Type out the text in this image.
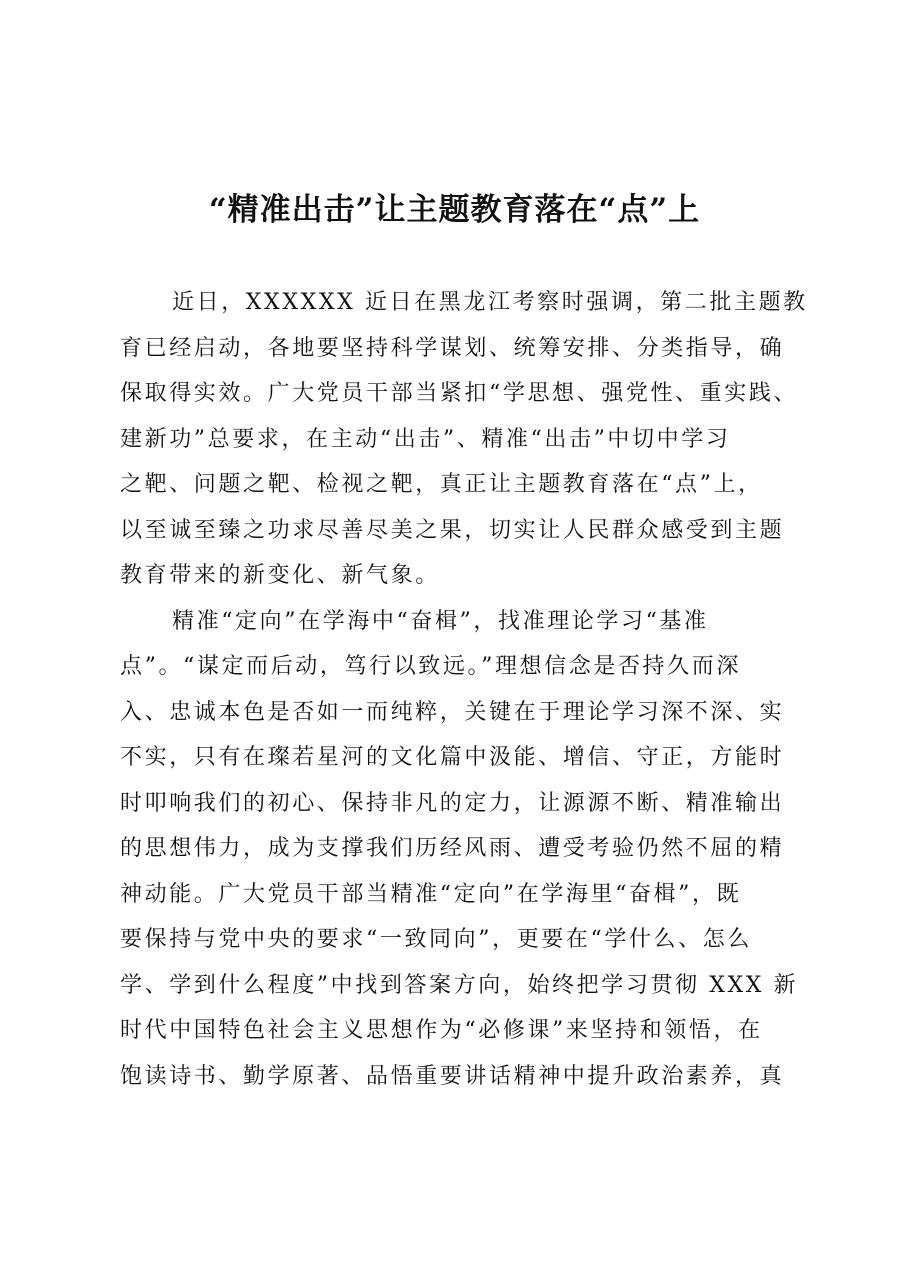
“精准出击”让主题教育落在“点”上
近日，XXXXXX 近日在黑龙江考察时强调，第二批主题教
育已经启动，各地要坚持科学谋划、统筹安排、分类指导，确
保取得实效。广大党员干部当紧扣“学思想、强党性、重实践、
建新功”总要求，在主动“出击”、精准“出击”中切中学习
之靶、问题之靶、检视之靶，真正让主题教育落在“点”上，
以至诚至臻之功求尽善尽美之果，切实让人民群众感受到主题
教育带来的新变化、新气象。
精准“定向”在学海中“奋楫”，找准理论学习“基准
点”。“谋定而后动，笃行以致远。”理想信念是否持久而深
入、忠诚本色是否如一而纯粹，关键在于理论学习深不深、实
不实，只有在璨若星河的文化篇中汲能、增信、守正，方能时
时叩响我们的初心、保持非凡的定力，让源源不断、精准输出
的思想伟力，成为支撑我们历经风雨、遭受考验仍然不屈的精
神动能。广大党员干部当精准“定向”在学海里“奋楫”，既
要保持与党中央的要求“一致同向”，更要在“学什么、怎么
学、学到什么程度”中找到答案方向，始终把学习贯彻 XXX 新
时代中国特色社会主义思想作为“必修课”来坚持和领悟，在
饱读诗书、勤学原著、品悟重要讲话精神中提升政治素养，真
